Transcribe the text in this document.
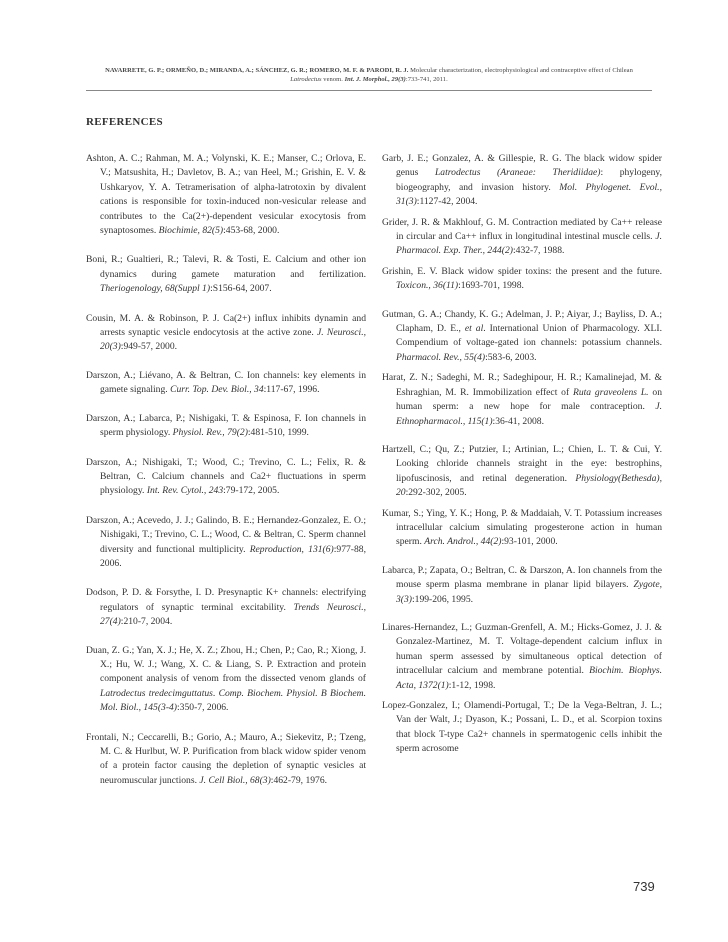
NAVARRETE, G. P.; ORMEÑO, D.; MIRANDA, A.; SÁNCHEZ, G. R.; ROMERO, M. F. & PARODI, R. J. Molecular characterization, electrophysiological and contraceptive effect of Chilean
Latrodectus venom. Int. J. Morphol., 29(3):733-741, 2011.
REFERENCES

Ashton, A. C.; Rahman, M. A.; Volynski, K. E.; Manser, C.; Orlova, E. V.; Matsushita, H.; Davletov, B. A.; van Heel, M.; Grishin, E. V. & Ushkaryov, Y. A. Tetramerisation of alpha-latrotoxin by divalent cations is responsible for toxin-induced non-vesicular release and contributes to the Ca(2+)-dependent vesicular exocytosis from synaptosomes. Biochimie, 82(5):453-68, 2000.

Boni, R.; Gualtieri, R.; Talevi, R. & Tosti, E. Calcium and other ion dynamics during gamete maturation and fertilization. Theriogenology, 68(Suppl 1):S156-64, 2007.

Cousin, M. A. & Robinson, P. J. Ca(2+) influx inhibits dynamin and arrests synaptic vesicle endocytosis at the active zone. J. Neurosci., 20(3):949-57, 2000.

Darszon, A.; Liévano, A. & Beltran, C. Ion channels: key elements in gamete signaling. Curr. Top. Dev. Biol., 34:117-67, 1996.

Darszon, A.; Labarca, P.; Nishigaki, T. & Espinosa, F. Ion channels in sperm physiology. Physiol. Rev., 79(2):481-510, 1999.

Darszon, A.; Nishigaki, T.; Wood, C.; Trevino, C. L.; Felix, R. & Beltran, C. Calcium channels and Ca2+ fluctuations in sperm physiology. Int. Rev. Cytol., 243:79-172, 2005.

Darszon, A.; Acevedo, J. J.; Galindo, B. E.; Hernandez-Gonzalez, E. O.; Nishigaki, T.; Trevino, C. L.; Wood, C. & Beltran, C. Sperm channel diversity and functional multiplicity. Reproduction, 131(6):977-88, 2006.

Dodson, P. D. & Forsythe, I. D. Presynaptic K+ channels: electrifying regulators of synaptic terminal excitability. Trends Neurosci., 27(4):210-7, 2004.

Duan, Z. G.; Yan, X. J.; He, X. Z.; Zhou, H.; Chen, P.; Cao, R.; Xiong, J. X.; Hu, W. J.; Wang, X. C. & Liang, S. P. Extraction and protein component analysis of venom from the dissected venom glands of Latrodectus tredecimguttatus. Comp. Biochem. Physiol. B Biochem. Mol. Biol., 145(3-4):350-7, 2006.

Frontali, N.; Ceccarelli, B.; Gorio, A.; Mauro, A.; Siekevitz, P.; Tzeng, M. C. & Hurlbut, W. P. Purification from black widow spider venom of a protein factor causing the depletion of synaptic vesicles at neuromuscular junctions. J. Cell Biol., 68(3):462-79, 1976.

Garb, J. E.; Gonzalez, A. & Gillespie, R. G. The black widow spider genus Latrodectus (Araneae: Theridiidae): phylogeny, biogeography, and invasion history. Mol. Phylogenet. Evol., 31(3):1127-42, 2004.

Grider, J. R. & Makhlouf, G. M. Contraction mediated by Ca++ release in circular and Ca++ influx in longitudinal intestinal muscle cells. J. Pharmacol. Exp. Ther., 244(2):432-7, 1988.

Grishin, E. V. Black widow spider toxins: the present and the future. Toxicon., 36(11):1693-701, 1998.

Gutman, G. A.; Chandy, K. G.; Adelman, J. P.; Aiyar, J.; Bayliss, D. A.; Clapham, D. E., et al. International Union of Pharmacology. XLI. Compendium of voltage-gated ion channels: potassium channels. Pharmacol. Rev., 55(4):583-6, 2003.

Harat, Z. N.; Sadeghi, M. R.; Sadeghipour, H. R.; Kamalinejad, M. & Eshraghian, M. R. Immobilization effect of Ruta graveolens L. on human sperm: a new hope for male contraception. J. Ethnopharmacol., 115(1):36-41, 2008.

Hartzell, C.; Qu, Z.; Putzier, I.; Artinian, L.; Chien, L. T. & Cui, Y. Looking chloride channels straight in the eye: bestrophins, lipofuscinosis, and retinal degeneration. Physiology(Bethesda), 20:292-302, 2005.

Kumar, S.; Ying, Y. K.; Hong, P. & Maddaiah, V. T. Potassium increases intracellular calcium simulating progesterone action in human sperm. Arch. Androl., 44(2):93-101, 2000.

Labarca, P.; Zapata, O.; Beltran, C. & Darszon, A. Ion channels from the mouse sperm plasma membrane in planar lipid bilayers. Zygote, 3(3):199-206, 1995.

Linares-Hernandez, L.; Guzman-Grenfell, A. M.; Hicks-Gomez, J. J. & Gonzalez-Martinez, M. T. Voltage-dependent calcium influx in human sperm assessed by simultaneous optical detection of intracellular calcium and membrane potential. Biochim. Biophys. Acta, 1372(1):1-12, 1998.

Lopez-Gonzalez, I.; Olamendi-Portugal, T.; De la Vega-Beltran, J. L.; Van der Walt, J.; Dyason, K.; Possani, L. D., et al. Scorpion toxins that block T-type Ca2+ channels in spermatogenic cells inhibit the sperm acrosome

739
